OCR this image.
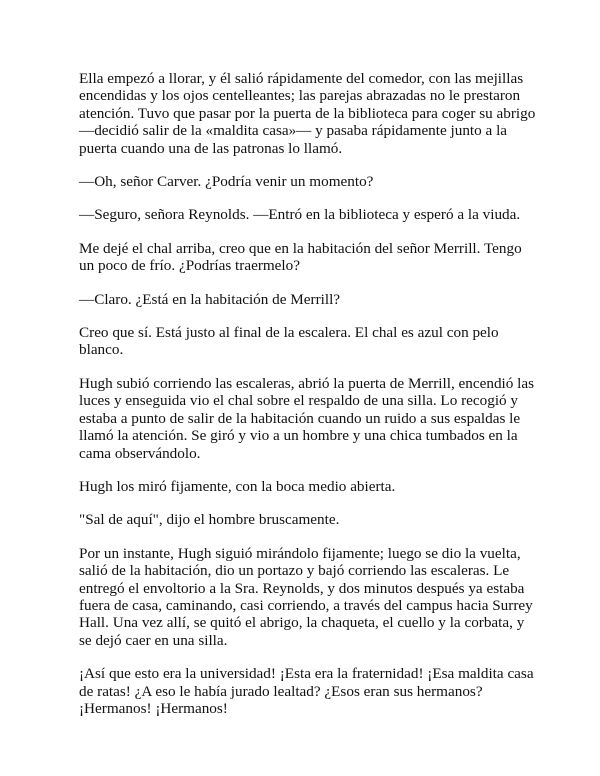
Ella empezó a llorar, y él salió rápidamente del comedor, con las mejillas encendidas y los ojos centelleantes; las parejas abrazadas no le prestaron atención. Tuvo que pasar por la puerta de la biblioteca para coger su abrigo —decidió salir de la «maldita casa»— y pasaba rápidamente junto a la puerta cuando una de las patronas lo llamó.

—Oh, señor Carver. ¿Podría venir un momento?

—Seguro, señora Reynolds. —Entró en la biblioteca y esperó a la viuda.

Me dejé el chal arriba, creo que en la habitación del señor Merrill. Tengo un poco de frío. ¿Podrías traermelo?

—Claro. ¿Está en la habitación de Merrill?

Creo que sí. Está justo al final de la escalera. El chal es azul con pelo blanco.

Hugh subió corriendo las escaleras, abrió la puerta de Merrill, encendió las luces y enseguida vio el chal sobre el respaldo de una silla. Lo recogió y estaba a punto de salir de la habitación cuando un ruido a sus espaldas le llamó la atención. Se giró y vio a un hombre y una chica tumbados en la cama observándolo.

Hugh los miró fijamente, con la boca medio abierta.

"Sal de aquí", dijo el hombre bruscamente.

Por un instante, Hugh siguió mirándolo fijamente; luego se dio la vuelta, salió de la habitación, dio un portazo y bajó corriendo las escaleras. Le entregó el envoltorio a la Sra. Reynolds, y dos minutos después ya estaba fuera de casa, caminando, casi corriendo, a través del campus hacia Surrey Hall. Una vez allí, se quitó el abrigo, la chaqueta, el cuello y la corbata, y se dejó caer en una silla.

¡Así que esto era la universidad! ¡Esta era la fraternidad! ¡Esa maldita casa de ratas! ¿A eso le había jurado lealtad? ¿Esos eran sus hermanos? ¡Hermanos! ¡Hermanos!
